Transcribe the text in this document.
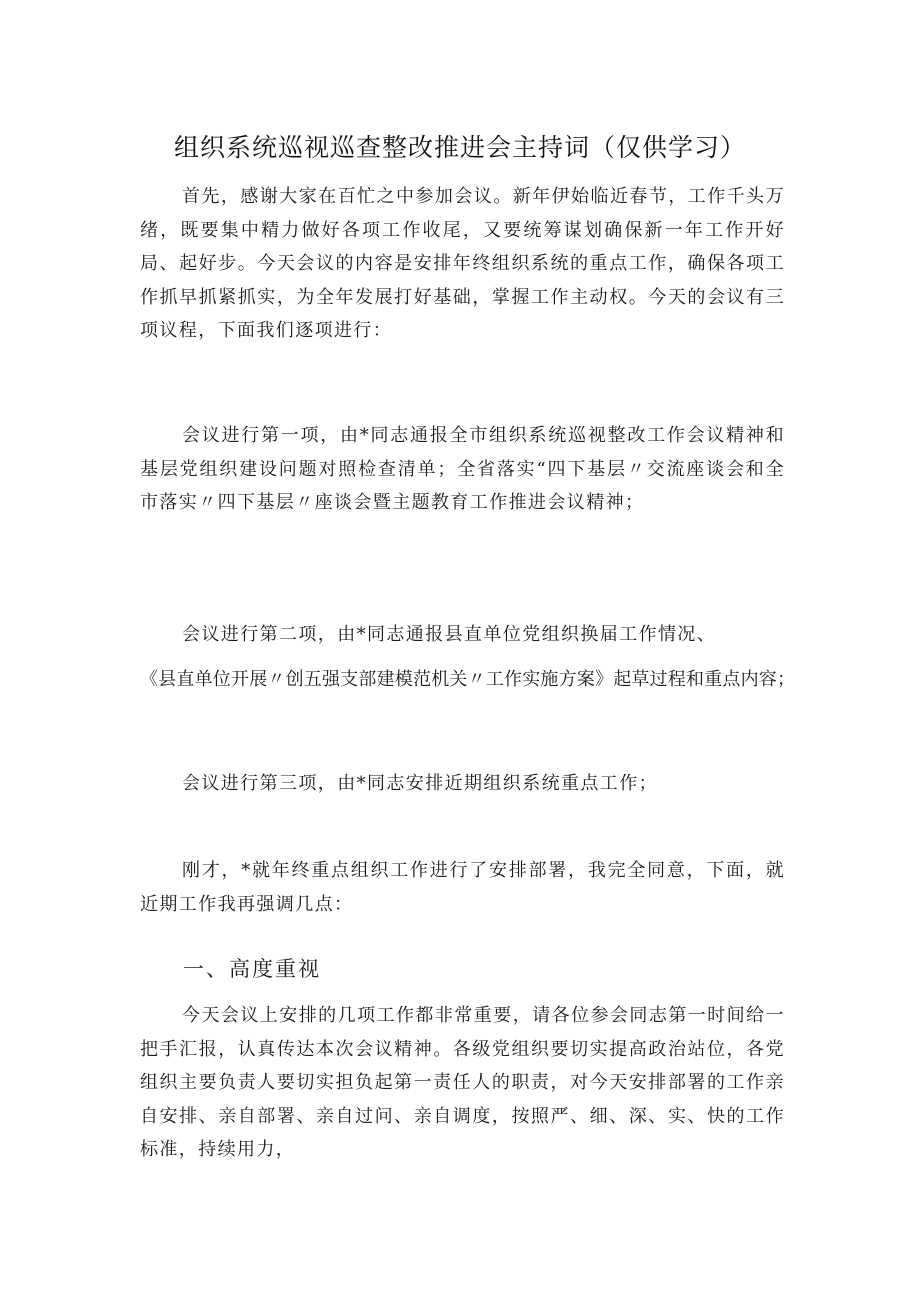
组织系统巡视巡查整改推进会主持词（仅供学习）

首先，感谢大家在百忙之中参加会议。新年伊始临近春节，工作千头万绪，既要集中精力做好各项工作收尾，又要统筹谋划确保新一年工作开好局、起好步。今天会议的内容是安排年终组织系统的重点工作，确保各项工作抓早抓紧抓实，为全年发展打好基础，掌握工作主动权。今天的会议有三项议程，下面我们逐项进行：

会议进行第一项，由*同志通报全市组织系统巡视整改工作会议精神和基层党组织建设问题对照检查清单；全省落实“四下基层〃交流座谈会和全市落实〃四下基层〃座谈会暨主题教育工作推进会议精神；

会议进行第二项，由*同志通报县直单位党组织换届工作情况、

《县直单位开展〃创五强支部建模范机关〃工作实施方案》起草过程和重点内容；

会议进行第三项，由*同志安排近期组织系统重点工作；

刚才，*就年终重点组织工作进行了安排部署，我完全同意，下面，就近期工作我再强调几点：

一、高度重视

今天会议上安排的几项工作都非常重要，请各位参会同志第一时间给一把手汇报，认真传达本次会议精神。各级党组织要切实提高政治站位，各党组织主要负责人要切实担负起第一责任人的职责，对今天安排部署的工作亲自安排、亲自部署、亲自过问、亲自调度，按照严、细、深、实、快的工作标准，持续用力，
